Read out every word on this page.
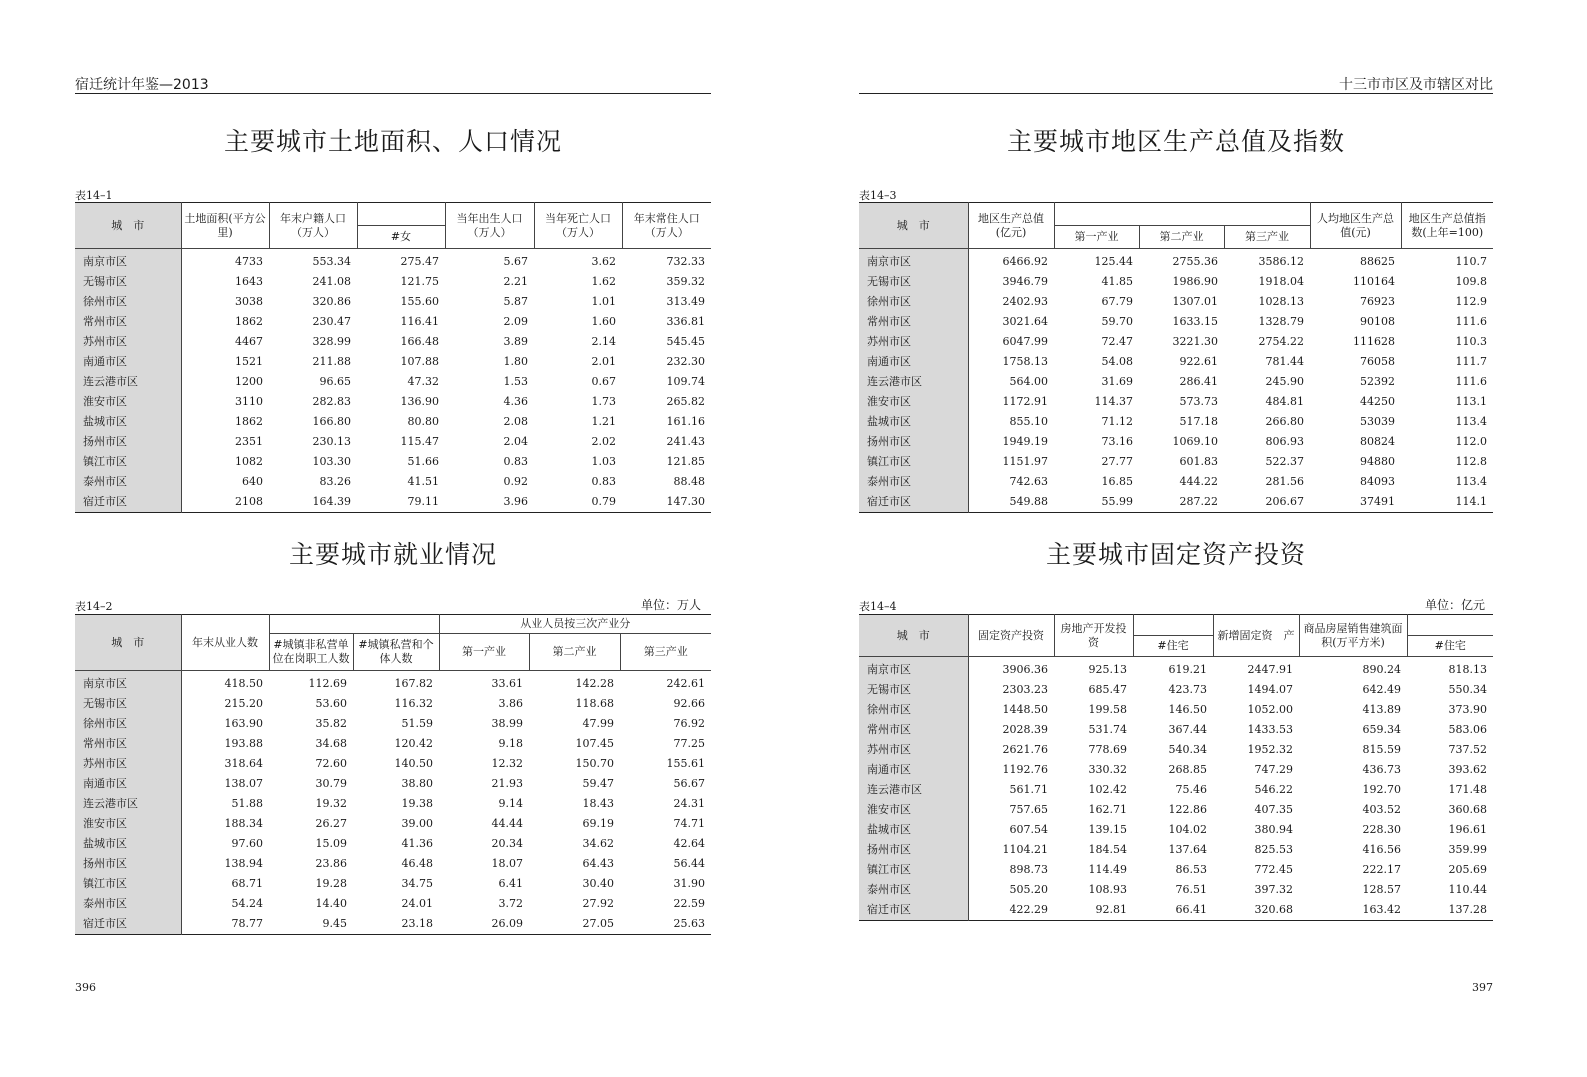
宿迁统计年鉴—2013	十三市市区及市辖区对比
主要城市土地面积、人口情况
主要城市就业情况
主要城市地区生产总值及指数
主要城市固定资产投资
表14–1
表14–2	单位：万人
表14–3
表14–4	单位：亿元
城　市	土地面积(平方公里)	年末户籍人口（万人）		当年出生人口（万人）	当年死亡人口（万人）	年末常住人口（万人）
			#女			
南京市区	4733	553.34	275.47	5.67	3.62	732.33
无锡市区	1643	241.08	121.75	2.21	1.62	359.32
徐州市区	3038	320.86	155.60	5.87	1.01	313.49
常州市区	1862	230.47	116.41	2.09	1.60	336.81
苏州市区	4467	328.99	166.48	3.89	2.14	545.45
南通市区	1521	211.88	107.88	1.80	2.01	232.30
连云港市区	1200	96.65	47.32	1.53	0.67	109.74
淮安市区	3110	282.83	136.90	4.36	1.73	265.82
盐城市区	1862	166.80	80.80	2.08	1.21	161.16
扬州市区	2351	230.13	115.47	2.04	2.02	241.43
镇江市区	1082	103.30	51.66	0.83	1.03	121.85
泰州市区	640	83.26	41.51	0.92	0.83	88.48
宿迁市区	2108	164.39	79.11	3.96	0.79	147.30
城　市	年末从业人数			从业人员按三次产业分		
		#城镇非私营单位在岗职工人数	#城镇私营和个体人数	第一产业	第二产业	第三产业
南京市区	418.50	112.69	167.82	33.61	142.28	242.61
无锡市区	215.20	53.60	116.32	3.86	118.68	92.66
徐州市区	163.90	35.82	51.59	38.99	47.99	76.92
常州市区	193.88	34.68	120.42	9.18	107.45	77.25
苏州市区	318.64	72.60	140.50	12.32	150.70	155.61
南通市区	138.07	30.79	38.80	21.93	59.47	56.67
连云港市区	51.88	19.32	19.38	9.14	18.43	24.31
淮安市区	188.34	26.27	39.00	44.44	69.19	74.71
盐城市区	97.60	15.09	41.36	20.34	34.62	42.64
扬州市区	138.94	23.86	46.48	18.07	64.43	56.44
镇江市区	68.71	19.28	34.75	6.41	30.40	31.90
泰州市区	54.24	14.40	24.01	3.72	27.92	22.59
宿迁市区	78.77	9.45	23.18	26.09	27.05	25.63
城　市	地区生产总值(亿元)				人均地区生产总值(元)	地区生产总值指数(上年=100)
		第一产业	第二产业	第三产业		
南京市区	6466.92	125.44	2755.36	3586.12	88625	110.7
无锡市区	3946.79	41.85	1986.90	1918.04	110164	109.8
徐州市区	2402.93	67.79	1307.01	1028.13	76923	112.9
常州市区	3021.64	59.70	1633.15	1328.79	90108	111.6
苏州市区	6047.99	72.47	3221.30	2754.22	111628	110.3
南通市区	1758.13	54.08	922.61	781.44	76058	111.7
连云港市区	564.00	31.69	286.41	245.90	52392	111.6
淮安市区	1172.91	114.37	573.73	484.81	44250	113.1
盐城市区	855.10	71.12	517.18	266.80	53039	113.4
扬州市区	1949.19	73.16	1069.10	806.93	80824	112.0
镇江市区	1151.97	27.77	601.83	522.37	94880	112.8
泰州市区	742.63	16.85	444.22	281.56	84093	113.4
宿迁市区	549.88	55.99	287.22	206.67	37491	114.1
城　市	固定资产投资	房地产开发投　资		新增固定资　产	商品房屋销售建筑面积(万平方米)	
			#住宅			#住宅
南京市区	3906.36	925.13	619.21	2447.91	890.24	818.13
无锡市区	2303.23	685.47	423.73	1494.07	642.49	550.34
徐州市区	1448.50	199.58	146.50	1052.00	413.89	373.90
常州市区	2028.39	531.74	367.44	1433.53	659.34	583.06
苏州市区	2621.76	778.69	540.34	1952.32	815.59	737.52
南通市区	1192.76	330.32	268.85	747.29	436.73	393.62
连云港市区	561.71	102.42	75.46	546.22	192.70	171.48
淮安市区	757.65	162.71	122.86	407.35	403.52	360.68
盐城市区	607.54	139.15	104.02	380.94	228.30	196.61
扬州市区	1104.21	184.54	137.64	825.53	416.56	359.99
镇江市区	898.73	114.49	86.53	772.45	222.17	205.69
泰州市区	505.20	108.93	76.51	397.32	128.57	110.44
宿迁市区	422.29	92.81	66.41	320.68	163.42	137.28
396	397
